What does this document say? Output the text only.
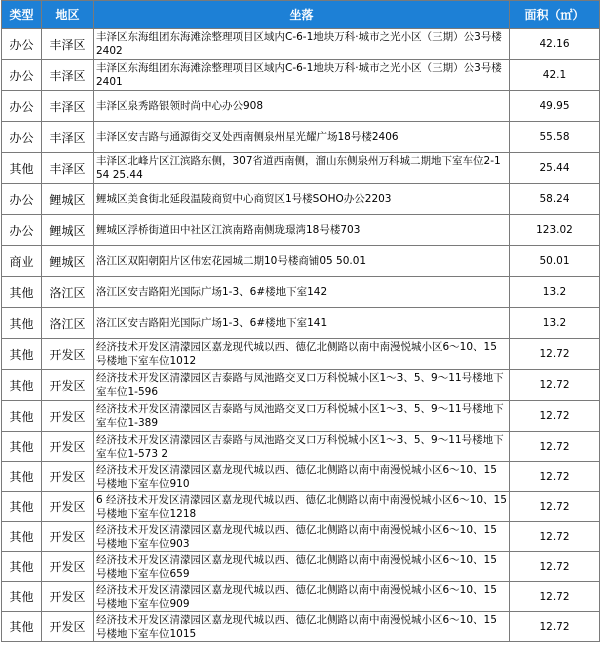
类型	地区	坐落	面积（㎡）
办公	丰泽区	丰泽区东海组团东海滩涂整理项目区域内C-6-1地块万科·城市之光小区（三期）公3号楼2402	42.16
办公	丰泽区	丰泽区东海组团东海滩涂整理项目区域内C-6-1地块万科·城市之光小区（三期）公3号楼2401	42.1
办公	丰泽区	丰泽区泉秀路银领时尚中心办公908	49.95
办公	丰泽区	丰泽区安吉路与通源街交叉处西南侧泉州星光耀广场18号楼2406	55.58
其他	丰泽区	丰泽区北峰片区江滨路东侧，307省道西南侧，溜山东侧泉州万科城二期地下室车位2-154 25.44	25.44
办公	鲤城区	鲤城区美食街北延段温陵商贸中心商贸区1号楼SOHO办公2203	58.24
办公	鲤城区	鲤城区浮桥街道田中社区江滨南路南侧珑璟湾18号楼703	123.02
商业	鲤城区	洛江区双阳朝阳片区伟宏花园城二期10号楼商铺05 50.01	50.01
其他	洛江区	洛江区安吉路阳光国际广场1-3、6#楼地下室142	13.2
其他	洛江区	洛江区安吉路阳光国际广场1-3、6#楼地下室141	13.2
其他	开发区	经济技术开发区清濛园区嘉龙现代城以西、德亿北侧路以南中南漫悦城小区6～10、15号楼地下室车位1012	12.72
其他	开发区	经济技术开发区清濛园区吉泰路与凤池路交叉口万科悦城小区1～3、5、9～11号楼地下室车位1-596	12.72
其他	开发区	经济技术开发区清濛园区吉泰路与凤池路交叉口万科悦城小区1～3、5、9～11号楼地下室车位1-389	12.72
其他	开发区	经济技术开发区清濛园区吉泰路与凤池路交叉口万科悦城小区1～3、5、9～11号楼地下室车位1-573 2	12.72
其他	开发区	经济技术开发区清濛园区嘉龙现代城以西、德亿北侧路以南中南漫悦城小区6～10、15号楼地下室车位910	12.72
其他	开发区	6 经济技术开发区清濛园区嘉龙现代城以西、德亿北侧路以南中南漫悦城小区6～10、15号楼地下室车位1218	12.72
其他	开发区	经济技术开发区清濛园区嘉龙现代城以西、德亿北侧路以南中南漫悦城小区6～10、15号楼地下室车位903	12.72
其他	开发区	经济技术开发区清濛园区嘉龙现代城以西、德亿北侧路以南中南漫悦城小区6～10、15号楼地下室车位659	12.72
其他	开发区	经济技术开发区清濛园区嘉龙现代城以西、德亿北侧路以南中南漫悦城小区6～10、15号楼地下室车位909	12.72
其他	开发区	经济技术开发区清濛园区嘉龙现代城以西、德亿北侧路以南中南漫悦城小区6～10、15号楼地下室车位1015	12.72
